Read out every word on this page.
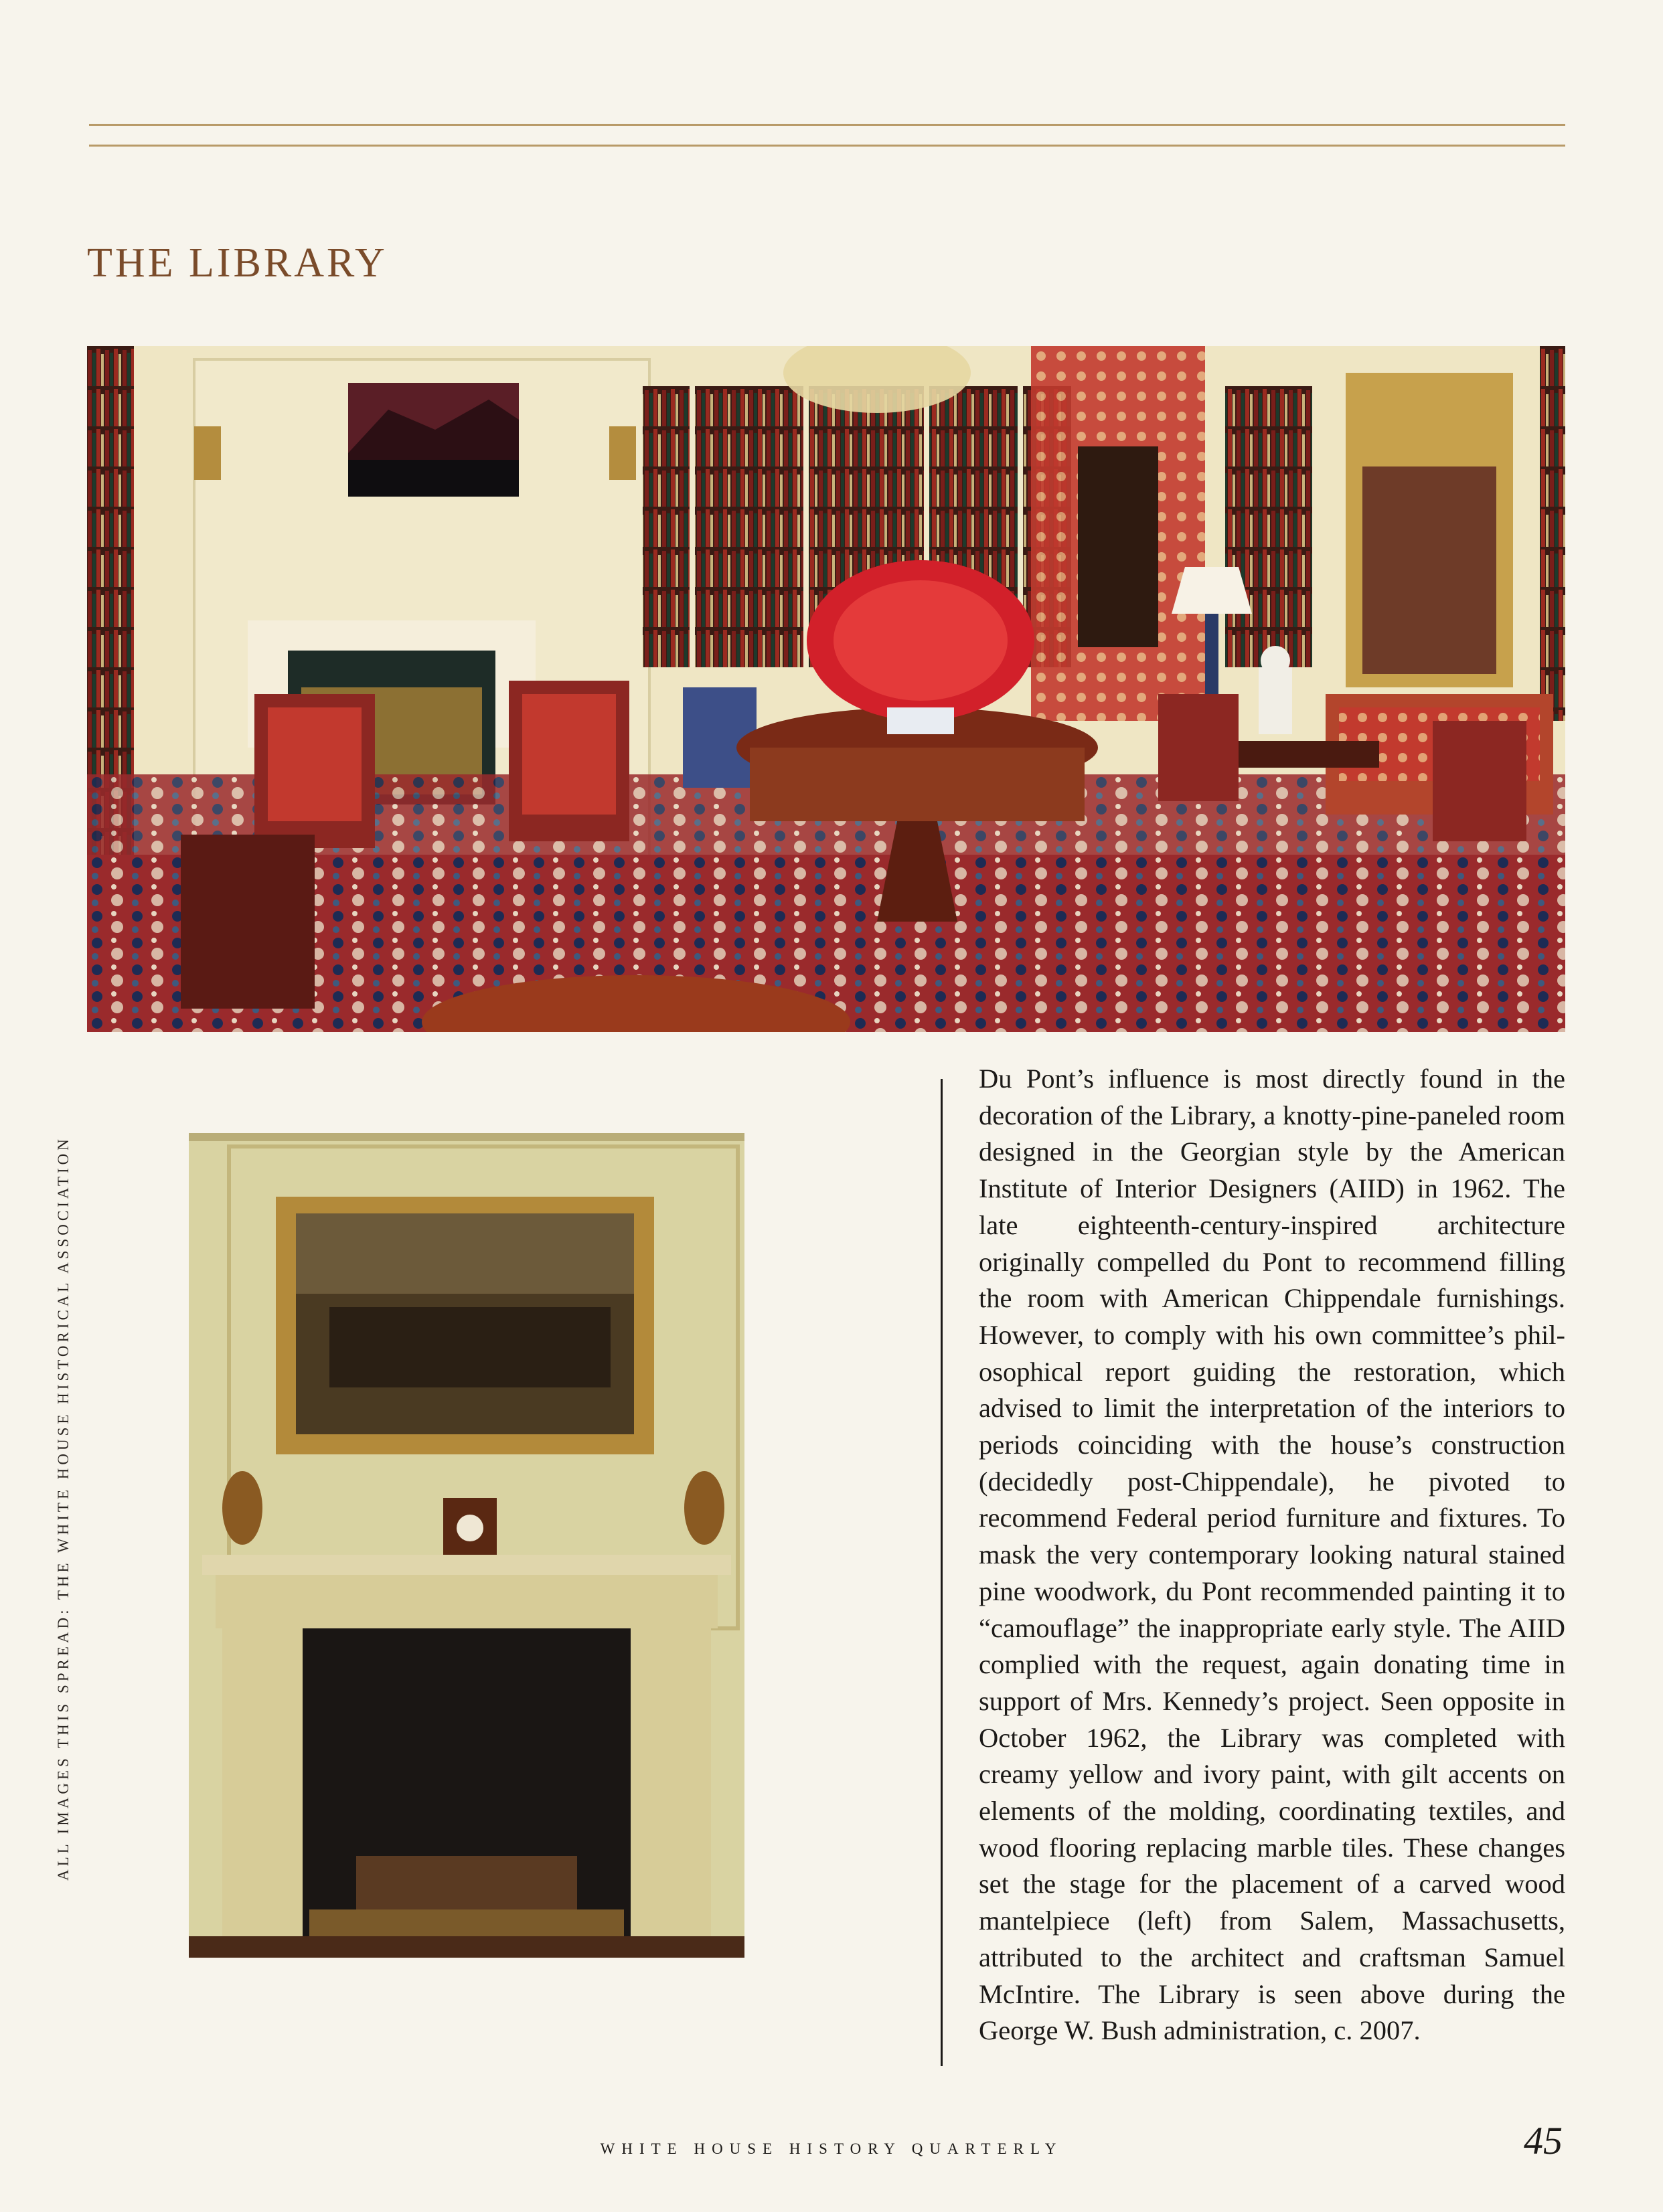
THE LIBRARY

Du Pont’s influence is most directly found in the decoration of the Library, a knotty-pine-paneled room designed in the Georgian style by the American Institute of Interior Designers (AIID) in 1962. The late eighteenth-century-inspired architecture originally compelled du Pont to recommend filling the room with American Chippendale furnishings. However, to comply with his own committee’s philosophical report guiding the restoration, which advised to limit the interpretation of the interiors to periods coinciding with the house’s construction (decidedly post-Chippendale), he pivoted to recommend Federal period furniture and fixtures. To mask the very contemporary looking natural stained pine woodwork, du Pont recommended painting it to “camouflage” the inappropriate early style. The AIID complied with the request, again donating time in support of Mrs. Kennedy’s project. Seen opposite in October 1962, the Library was completed with creamy yellow and ivory paint, with gilt accents on elements of the molding, coordinating textiles, and wood flooring replacing marble tiles. These changes set the stage for the placement of a carved wood mantelpiece (left) from Salem, Massachusetts, attributed to the architect and craftsman Samuel McIntire. The Library is seen above during the George W. Bush administration, c. 2007.

ALL IMAGES THIS SPREAD: THE WHITE HOUSE HISTORICAL ASSOCIATION
WHITE HOUSE HISTORY QUARTERLY	45
